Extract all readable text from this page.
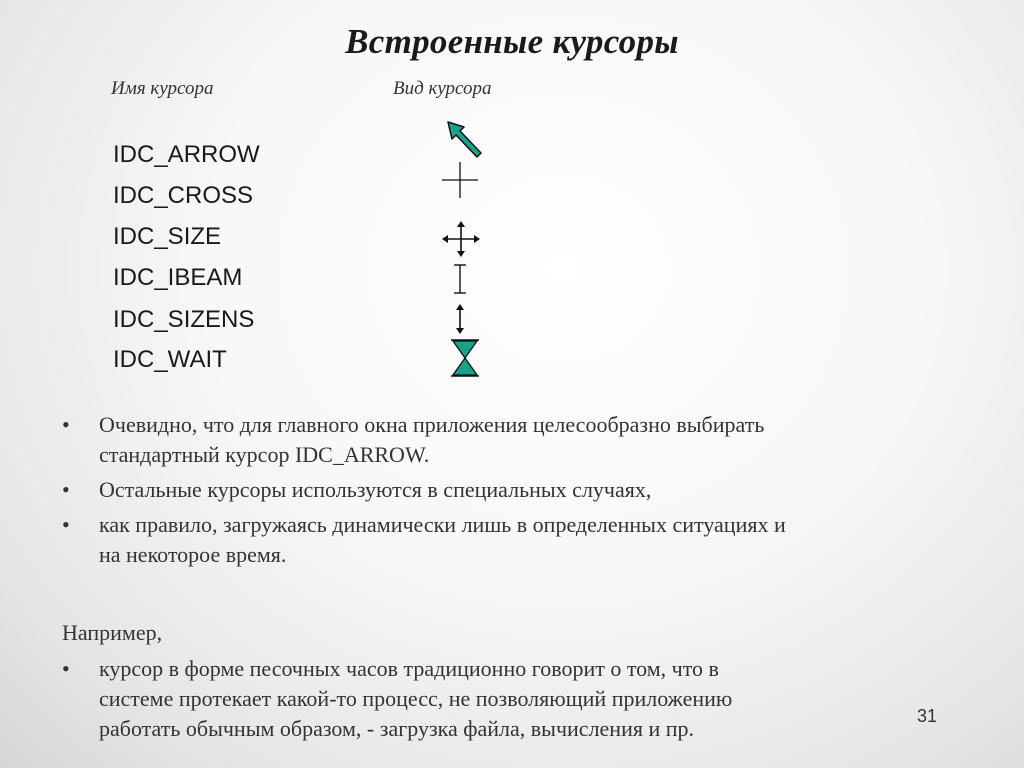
Встроенные курсоры
Имя курсора	Вид курсора
IDC_ARROW
IDC_CROSS
IDC_SIZE
IDC_IBEAM
IDC_SIZENS
IDC_WAIT

• Очевидно, что для главного окна приложения целесообразно выбирать
стандартный курсор IDC_ARROW.

• Остальные курсоры используются в специальных случаях,

• как правило, загружаясь динамически лишь в определенных ситуациях и
на некоторое время.

Например,

• курсор в форме песочных часов традиционно говорит о том, что в
системе протекает какой-то процесс, не позволяющий приложению
работать обычным образом, - загрузка файла, вычисления и пр.	31
